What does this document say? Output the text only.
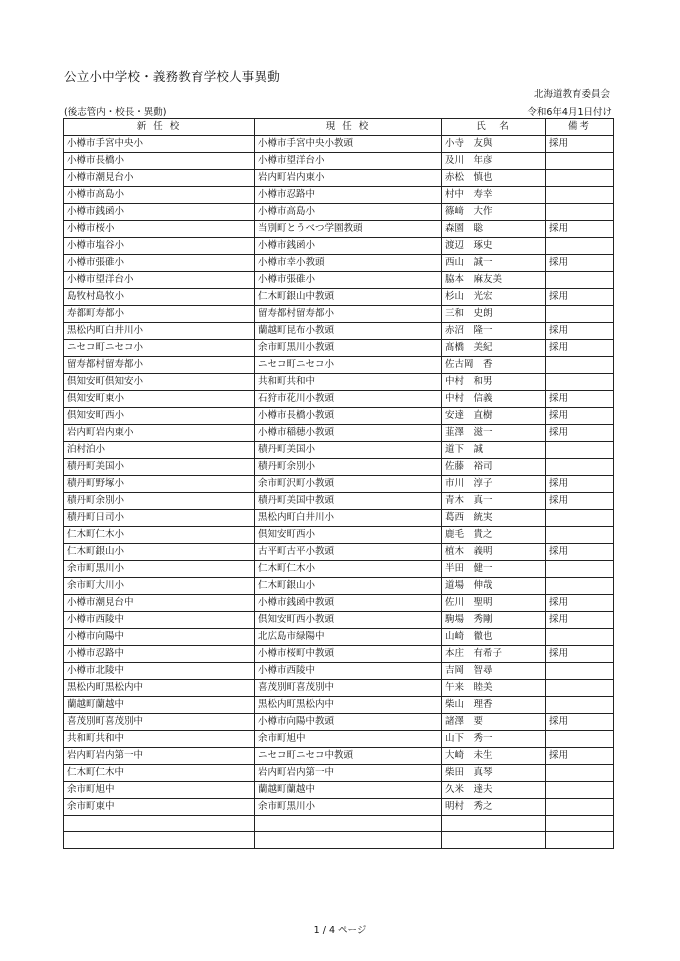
公立小中学校・義務教育学校人事異動
北海道教育委員会
(後志管内・校長・異動)	令和6年4月1日付け
新 任 校	現 任 校	氏　名	備考
小樽市手宮中央小	小樽市手宮中央小教頭	小寺　友與	採用
小樽市長橋小	小樽市望洋台小	及川　年彦	
小樽市潮見台小	岩内町岩内東小	赤松　慎也	
小樽市高島小	小樽市忍路中	村中　寿幸	
小樽市銭函小	小樽市高島小	篠﨑　大作	
小樽市桜小	当別町とうべつ学園教頭	森園　聡	採用
小樽市塩谷小	小樽市銭函小	渡辺　琢史	
小樽市張碓小	小樽市幸小教頭	西山　誠一	採用
小樽市望洋台小	小樽市張碓小	脇本　麻友美	
島牧村島牧小	仁木町銀山中教頭	杉山　光宏	採用
寿都町寿都小	留寿都村留寿都小	三和　史朗	
黒松内町白井川小	蘭越町昆布小教頭	赤沼　隆一	採用
ニセコ町ニセコ小	余市町黒川小教頭	髙橋　美紀	採用
留寿都村留寿都小	ニセコ町ニセコ小	佐古岡　香	
倶知安町倶知安小	共和町共和中	中村　和男	
倶知安町東小	石狩市花川小教頭	中村　信義	採用
倶知安町西小	小樽市長橋小教頭	安達　直樹	採用
岩内町岩内東小	小樽市稲穂小教頭	韮澤　滋一	採用
泊村泊小	積丹町美国小	道下　誠	
積丹町美国小	積丹町余別小	佐藤　裕司	
積丹町野塚小	余市町沢町小教頭	市川　淳子	採用
積丹町余別小	積丹町美国中教頭	青木　真一	採用
積丹町日司小	黒松内町白井川小	葛西　統実	
仁木町仁木小	倶知安町西小	鹿毛　貴之	
仁木町銀山小	古平町古平小教頭	植木　義明	採用
余市町黒川小	仁木町仁木小	半田　健一	
余市町大川小	仁木町銀山小	道場　伸哉	
小樽市潮見台中	小樽市銭函中教頭	佐川　聖明	採用
小樽市西陵中	倶知安町西小教頭	駒場　秀剛	採用
小樽市向陽中	北広島市緑陽中	山崎　徹也	
小樽市忍路中	小樽市桜町中教頭	本庄　有希子	採用
小樽市北陵中	小樽市西陵中	吉岡　智尋	
黒松内町黒松内中	喜茂別町喜茂別中	午来　睦美	
蘭越町蘭越中	黒松内町黒松内中	柴山　理香	
喜茂別町喜茂別中	小樽市向陽中教頭	諸澤　要	採用
共和町共和中	余市町旭中	山下　秀一	
岩内町岩内第一中	ニセコ町ニセコ中教頭	大崎　未生	採用
仁木町仁木中	岩内町岩内第一中	柴田　真琴	
余市町旭中	蘭越町蘭越中	久米　達夫	
余市町東中	余市町黒川小	明村　秀之	

1 / 4 ページ
